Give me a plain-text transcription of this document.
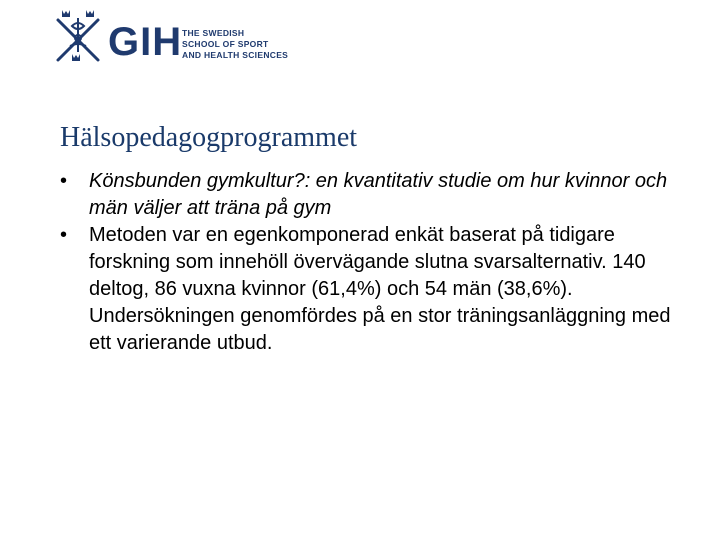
GIH THE SWEDISH
SCHOOL OF SPORT
AND HEALTH SCIENCES
Hälsopedagogprogrammet
• Könsbunden gymkultur?: en kvantitativ studie om hur kvinnor och män väljer att träna på gym
• Metoden var en egenkomponerad enkät baserat på tidigare forskning som innehöll övervägande slutna svarsalternativ. 140 deltog, 86 vuxna kvinnor (61,4%) och 54 män (38,6%). Undersökningen genomfördes på en stor träningsanläggning med ett varierande utbud.
